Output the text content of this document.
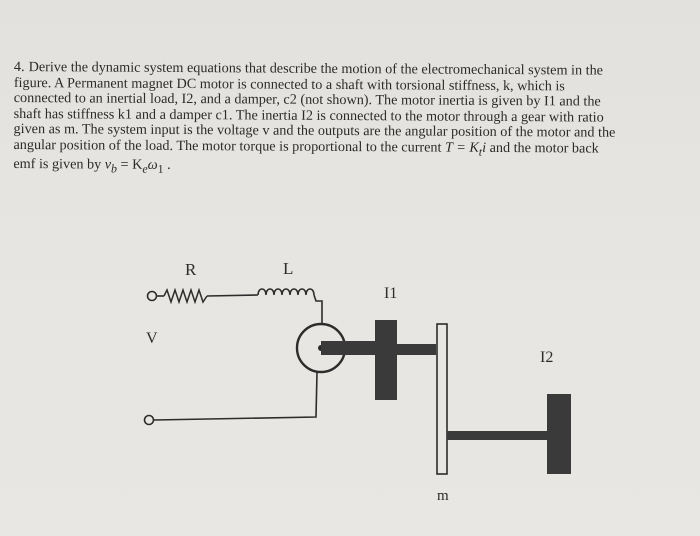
4. Derive the dynamic system equations that describe the motion of the electromechanical system in the
figure. A Permanent magnet DC motor is connected to a shaft with torsional stiffness, k, which is
connected to an inertial load, I2, and a damper, c2 (not shown). The motor inertia is given by I1 and the
shaft has stiffness k1 and a damper c1. The inertia I2 is connected to the motor through a gear with ratio
given as m. The system input is the voltage v and the outputs are the angular position of the motor and the
angular position of the load. The motor torque is proportional to the current $T = K_ti$ and the motor back
emf is given by $v_b = K_e\omega_1$ .
R	L
I1
V
I2
m
